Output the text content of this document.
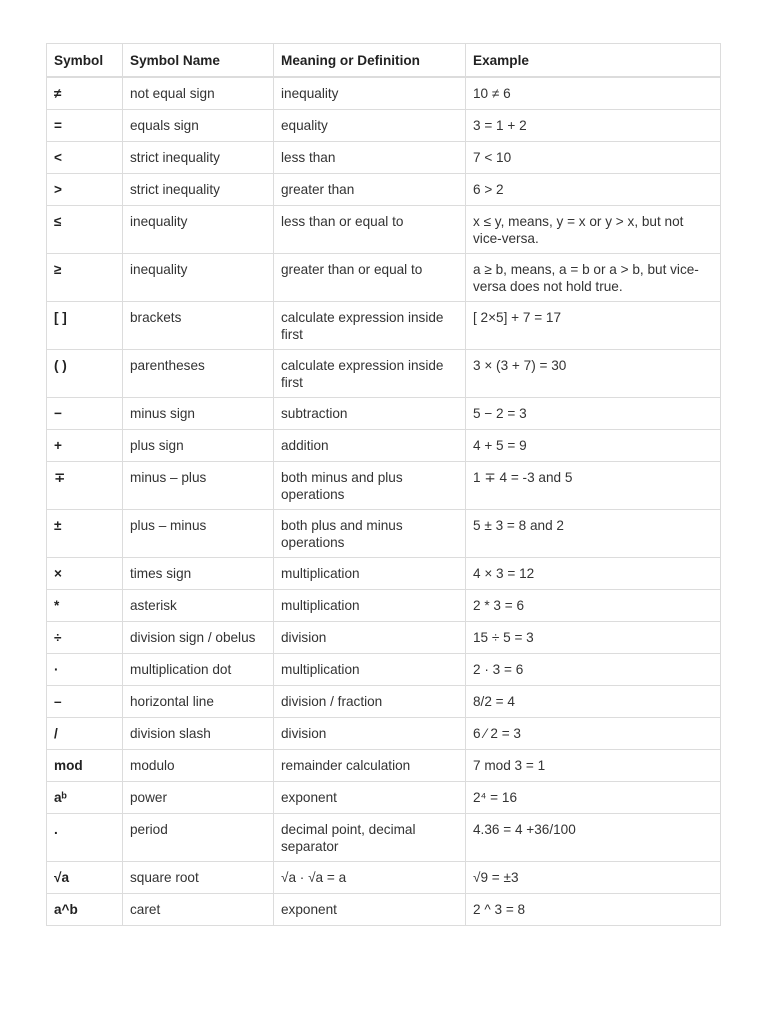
Symbol	Symbol Name	Meaning or Definition	Example
≠	not equal sign	inequality	10 ≠ 6
=	equals sign	equality	3 = 1 + 2
<	strict inequality	less than	7 < 10
>	strict inequality	greater than	6 > 2
≤	inequality	less than or equal to	x ≤ y, means, y = x or y > x, but not vice-versa.
≥	inequality	greater than or equal to	a ≥ b, means, a = b or a > b, but vice-versa does not hold true.
[ ]	brackets	calculate expression inside first	[ 2×5] + 7 = 17
( )	parentheses	calculate expression inside first	3 × (3 + 7) = 30
−	minus sign	subtraction	5 − 2 = 3
+	plus sign	addition	4 + 5 = 9
∓	minus – plus	both minus and plus operations	1 ∓ 4 = -3 and 5
±	plus – minus	both plus and minus operations	5 ± 3 = 8 and 2
×	times sign	multiplication	4 × 3 = 12
*	asterisk	multiplication	2 * 3 = 6
÷	division sign / obelus	division	15 ÷ 5 = 3
·	multiplication dot	multiplication	2 · 3 = 6
–	horizontal line	division / fraction	8/2 = 4
/	division slash	division	6 ⁄ 2 = 3
mod	modulo	remainder calculation	7 mod 3 = 1
aᵇ	power	exponent	2⁴ = 16
.	period	decimal point, decimal separator	4.36 = 4 +36/100
√a	square root	√a · √a = a	√9 = ±3
a^b	caret	exponent	2 ^ 3 = 8
